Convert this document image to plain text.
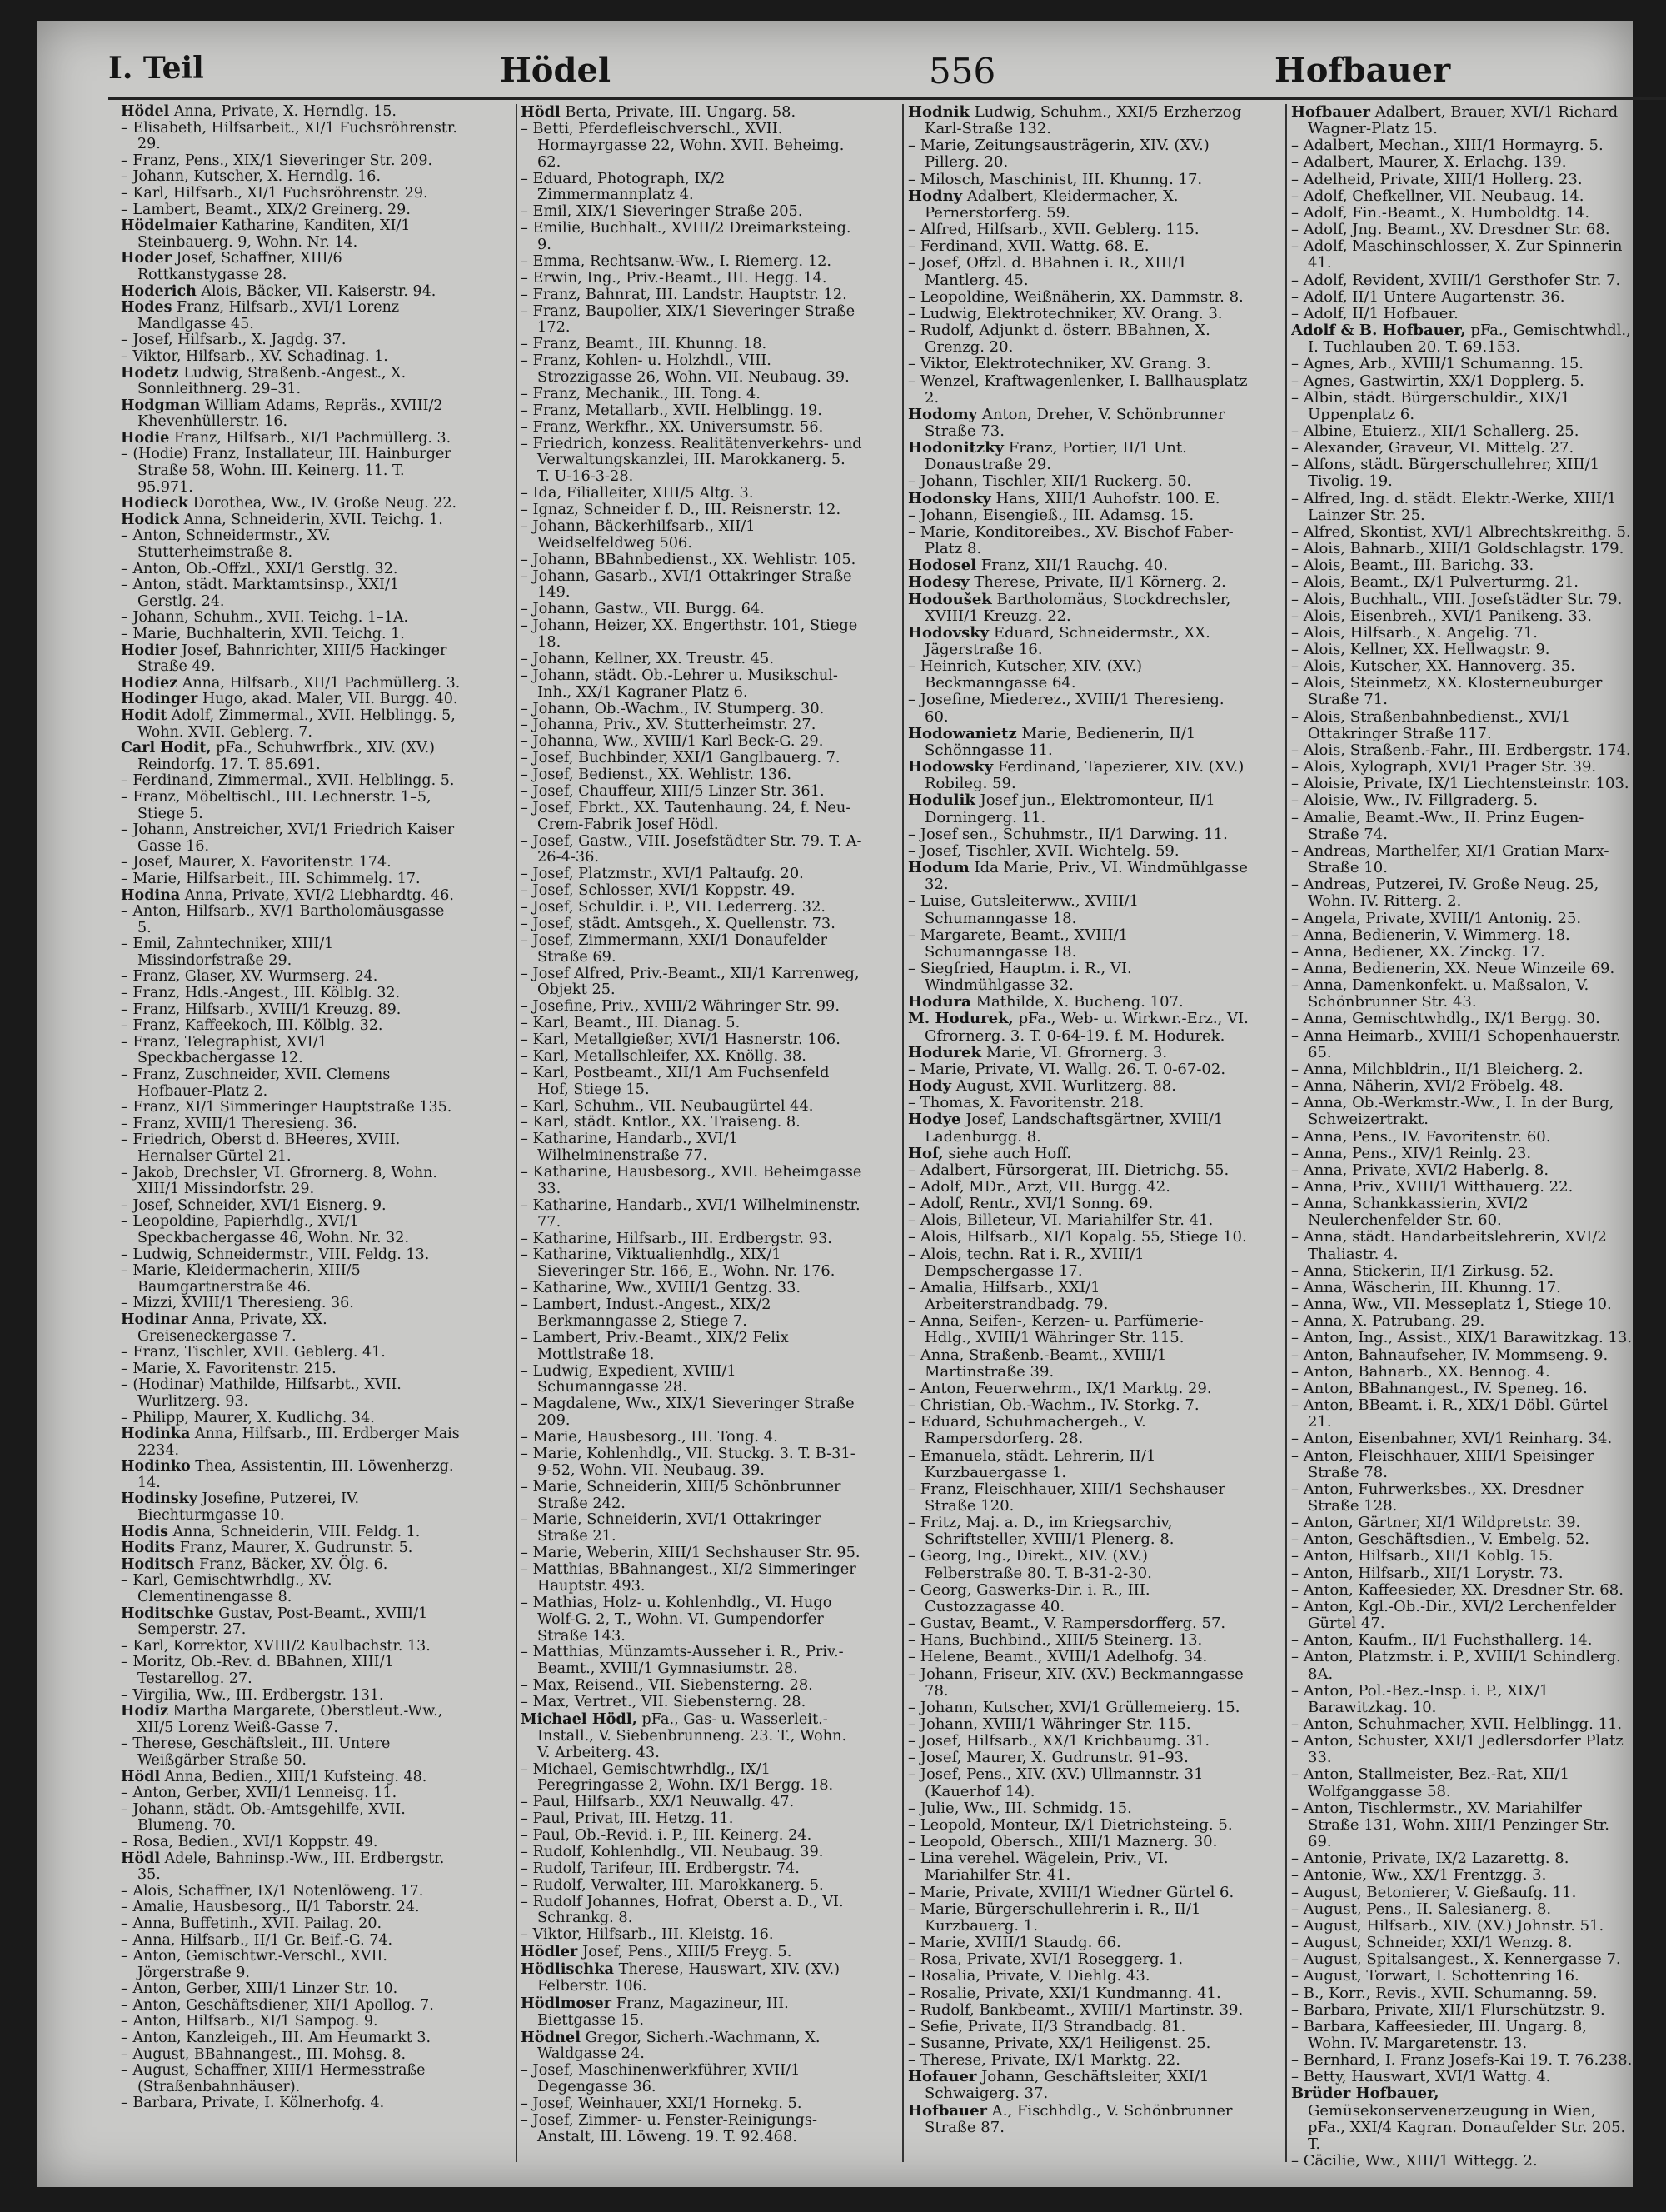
I. Teil	Hödel	556	Hofbauer

Hödel Anna, Private, X. Herndlg. 15.

– Elisabeth, Hilfsarbeit., XI/1 Fuchsröhrenstr. 29.

– Franz, Pens., XIX/1 Sieveringer Str. 209.

– Johann, Kutscher, X. Herndlg. 16.

– Karl, Hilfsarb., XI/1 Fuchsröhrenstr. 29.

– Lambert, Beamt., XIX/2 Greinerg. 29.

Hödelmaier Katharine, Kanditen, XI/1 Steinbauerg. 9, Wohn. Nr. 14.

Hoder Josef, Schaffner, XIII/6 Rottkanstygasse 28.

Hoderich Alois, Bäcker, VII. Kaiserstr. 94.

Hodes Franz, Hilfsarb., XVI/1 Lorenz Mandlgasse 45.

– Josef, Hilfsarb., X. Jagdg. 37.

– Viktor, Hilfsarb., XV. Schadinag. 1.

Hodetz Ludwig, Straßenb.-Angest., X. Sonnleithnerg. 29–31.

Hodgman William Adams, Repräs., XVIII/2 Khevenhüllerstr. 16.

Hodie Franz, Hilfsarb., XI/1 Pachmüllerg. 3.

– (Hodie) Franz, Installateur, III. Hainburger Straße 58, Wohn. III. Keinerg. 11. T. 95.971.

Hodieck Dorothea, Ww., IV. Große Neug. 22.

Hodick Anna, Schneiderin, XVII. Teichg. 1.

– Anton, Schneidermstr., XV. Stutterheimstraße 8.

– Anton, Ob.-Offzl., XXI/1 Gerstlg. 32.

– Anton, städt. Marktamtsinsp., XXI/1 Gerstlg. 24.

– Johann, Schuhm., XVII. Teichg. 1–1A.

– Marie, Buchhalterin, XVII. Teichg. 1.

Hodier Josef, Bahnrichter, XIII/5 Hackinger Straße 49.

Hodiez Anna, Hilfsarb., XII/1 Pachmüllerg. 3.

Hodinger Hugo, akad. Maler, VII. Burgg. 40.

Hodit Adolf, Zimmermal., XVII. Helblingg. 5, Wohn. XVII. Geblerg. 7.

Carl Hodit, pFa., Schuhwrfbrk., XIV. (XV.) Reindorfg. 17. T. 85.691.

– Ferdinand, Zimmermal., XVII. Helblingg. 5.

– Franz, Möbeltischl., III. Lechnerstr. 1–5, Stiege 5.

– Johann, Anstreicher, XVI/1 Friedrich Kaiser Gasse 16.

– Josef, Maurer, X. Favoritenstr. 174.

– Marie, Hilfsarbeit., III. Schimmelg. 17.

Hodina Anna, Private, XVI/2 Liebhardtg. 46.

– Anton, Hilfsarb., XV/1 Bartholomäusgasse 5.

– Emil, Zahntechniker, XIII/1 Missindorfstraße 29.

– Franz, Glaser, XV. Wurmserg. 24.

– Franz, Hdls.-Angest., III. Kölblg. 32.

– Franz, Hilfsarb., XVIII/1 Kreuzg. 89.

– Franz, Kaffeekoch, III. Kölblg. 32.

– Franz, Telegraphist, XVI/1 Speckbachergasse 12.

– Franz, Zuschneider, XVII. Clemens Hofbauer-Platz 2.

– Franz, XI/1 Simmeringer Hauptstraße 135.

– Franz, XVIII/1 Theresieng. 36.

– Friedrich, Oberst d. BHeeres, XVIII. Hernalser Gürtel 21.

– Jakob, Drechsler, VI. Gfrornerg. 8, Wohn. XIII/1 Missindorfstr. 29.

– Josef, Schneider, XVI/1 Eisnerg. 9.

– Leopoldine, Papierhdlg., XVI/1 Speckbachergasse 46, Wohn. Nr. 32.

– Ludwig, Schneidermstr., VIII. Feldg. 13.

– Marie, Kleidermacherin, XIII/5 Baumgartnerstraße 46.

– Mizzi, XVIII/1 Theresieng. 36.

Hodinar Anna, Private, XX. Greiseneckergasse 7.

– Franz, Tischler, XVII. Geblerg. 41.

– Marie, X. Favoritenstr. 215.

– (Hodinar) Mathilde, Hilfsarbt., XVII. Wurlitzerg. 93.

– Philipp, Maurer, X. Kudlichg. 34.

Hodinka Anna, Hilfsarb., III. Erdberger Mais 2234.

Hodinko Thea, Assistentin, III. Löwenherzg. 14.

Hodinsky Josefine, Putzerei, IV. Biechturmgasse 10.

Hodis Anna, Schneiderin, VIII. Feldg. 1.

Hodits Franz, Maurer, X. Gudrunstr. 5.

Hoditsch Franz, Bäcker, XV. Ölg. 6.

– Karl, Gemischtwrhdlg., XV. Clementinengasse 8.

Hoditschke Gustav, Post-Beamt., XVIII/1 Semperstr. 27.

– Karl, Korrektor, XVIII/2 Kaulbachstr. 13.

– Moritz, Ob.-Rev. d. BBahnen, XIII/1 Testarellog. 27.

– Virgilia, Ww., III. Erdbergstr. 131.

Hodiz Martha Margarete, Oberstleut.-Ww., XII/5 Lorenz Weiß-Gasse 7.

– Therese, Geschäftsleit., III. Untere Weißgärber Straße 50.

Hödl Anna, Bedien., XIII/1 Kufsteing. 48.

– Anton, Gerber, XVII/1 Lenneisg. 11.

– Johann, städt. Ob.-Amtsgehilfe, XVII. Blumeng. 70.

– Rosa, Bedien., XVI/1 Koppstr. 49.

Hödl Adele, Bahninsp.-Ww., III. Erdbergstr. 35.

– Alois, Schaffner, IX/1 Notenlöweng. 17.

– Amalie, Hausbesorg., II/1 Taborstr. 24.

– Anna, Buffetinh., XVII. Pailag. 20.

– Anna, Hilfsarb., II/1 Gr. Beif.-G. 74.

– Anton, Gemischtwr.-Verschl., XVII. Jörgerstraße 9.

– Anton, Gerber, XIII/1 Linzer Str. 10.

– Anton, Geschäftsdiener, XII/1 Apollog. 7.

– Anton, Hilfsarb., XI/1 Sampog. 9.

– Anton, Kanzleigeh., III. Am Heumarkt 3.

– August, BBahnangest., III. Mohsg. 8.

– August, Schaffner, XIII/1 Hermesstraße (Straßenbahnhäuser).

– Barbara, Private, I. Kölnerhofg. 4.

Hödl Berta, Private, III. Ungarg. 58.

– Betti, Pferdefleischverschl., XVII. Hormayrgasse 22, Wohn. XVII. Beheimg. 62.

– Eduard, Photograph, IX/2 Zimmermannplatz 4.

– Emil, XIX/1 Sieveringer Straße 205.

– Emilie, Buchhalt., XVIII/2 Dreimarksteing. 9.

– Emma, Rechtsanw.-Ww., I. Riemerg. 12.

– Erwin, Ing., Priv.-Beamt., III. Hegg. 14.

– Franz, Bahnrat, III. Landstr. Hauptstr. 12.

– Franz, Baupolier, XIX/1 Sieveringer Straße 172.

– Franz, Beamt., III. Khunng. 18.

– Franz, Kohlen- u. Holzhdl., VIII. Strozzigasse 26, Wohn. VII. Neubaug. 39.

– Franz, Mechanik., III. Tong. 4.

– Franz, Metallarb., XVII. Helblingg. 19.

– Franz, Werkfhr., XX. Universumstr. 56.

– Friedrich, konzess. Realitätenverkehrs- und Verwaltungskanzlei, III. Marokkanerg. 5. T. U-16-3-28.

– Ida, Filialleiter, XIII/5 Altg. 3.

– Ignaz, Schneider f. D., III. Reisnerstr. 12.

– Johann, Bäckerhilfsarb., XII/1 Weidselfeldweg 506.

– Johann, BBahnbedienst., XX. Wehlistr. 105.

– Johann, Gasarb., XVI/1 Ottakringer Straße 149.

– Johann, Gastw., VII. Burgg. 64.

– Johann, Heizer, XX. Engerthstr. 101, Stiege 18.

– Johann, Kellner, XX. Treustr. 45.

– Johann, städt. Ob.-Lehrer u. Musikschul-Inh., XX/1 Kagraner Platz 6.

– Johann, Ob.-Wachm., IV. Stumperg. 30.

– Johanna, Priv., XV. Stutterheimstr. 27.

– Johanna, Ww., XVIII/1 Karl Beck-G. 29.

– Josef, Buchbinder, XXI/1 Ganglbauerg. 7.

– Josef, Bedienst., XX. Wehlistr. 136.

– Josef, Chauffeur, XIII/5 Linzer Str. 361.

– Josef, Fbrkt., XX. Tautenhaung. 24, f. Neu-Crem-Fabrik Josef Hödl.

– Josef, Gastw., VIII. Josefstädter Str. 79. T. A-26-4-36.

– Josef, Platzmstr., XVI/1 Paltaufg. 20.

– Josef, Schlosser, XVI/1 Koppstr. 49.

– Josef, Schuldir. i. P., VII. Lederrerg. 32.

– Josef, städt. Amtsgeh., X. Quellenstr. 73.

– Josef, Zimmermann, XXI/1 Donaufelder Straße 69.

– Josef Alfred, Priv.-Beamt., XII/1 Karrenweg, Objekt 25.

– Josefine, Priv., XVIII/2 Währinger Str. 99.

– Karl, Beamt., III. Dianag. 5.

– Karl, Metallgießer, XVI/1 Hasnerstr. 106.

– Karl, Metallschleifer, XX. Knöllg. 38.

– Karl, Postbeamt., XII/1 Am Fuchsenfeld Hof, Stiege 15.

– Karl, Schuhm., VII. Neubaugürtel 44.

– Karl, städt. Kntlor., XX. Traiseng. 8.

– Katharine, Handarb., XVI/1 Wilhelminenstraße 77.

– Katharine, Hausbesorg., XVII. Beheimgasse 33.

– Katharine, Handarb., XVI/1 Wilhelminenstr. 77.

– Katharine, Hilfsarb., III. Erdbergstr. 93.

– Katharine, Viktualienhdlg., XIX/1 Sieveringer Str. 166, E., Wohn. Nr. 176.

– Katharine, Ww., XVIII/1 Gentzg. 33.

– Lambert, Indust.-Angest., XIX/2 Berkmanngasse 2, Stiege 7.

– Lambert, Priv.-Beamt., XIX/2 Felix Mottlstraße 18.

– Ludwig, Expedient, XVIII/1 Schumanngasse 28.

– Magdalene, Ww., XIX/1 Sieveringer Straße 209.

– Marie, Hausbesorg., III. Tong. 4.

– Marie, Kohlenhdlg., VII. Stuckg. 3. T. B-31-9-52, Wohn. VII. Neubaug. 39.

– Marie, Schneiderin, XIII/5 Schönbrunner Straße 242.

– Marie, Schneiderin, XVI/1 Ottakringer Straße 21.

– Marie, Weberin, XIII/1 Sechshauser Str. 95.

– Matthias, BBahnangest., XI/2 Simmeringer Hauptstr. 493.

– Mathias, Holz- u. Kohlenhdlg., VI. Hugo Wolf-G. 2, T., Wohn. VI. Gumpendorfer Straße 143.

– Matthias, Münzamts-Ausseher i. R., Priv.-Beamt., XVIII/1 Gymnasiumstr. 28.

– Max, Reisend., VII. Siebensterng. 28.

– Max, Vertret., VII. Siebensterng. 28.

Michael Hödl, pFa., Gas- u. Wasserleit.-Install., V. Siebenbrunneng. 23. T., Wohn. V. Arbeiterg. 43.

– Michael, Gemischtwrhdlg., IX/1 Peregringasse 2, Wohn. IX/1 Bergg. 18.

– Paul, Hilfsarb., XX/1 Neuwallg. 47.

– Paul, Privat, III. Hetzg. 11.

– Paul, Ob.-Revid. i. P., III. Keinerg. 24.

– Rudolf, Kohlenhdlg., VII. Neubaug. 39.

– Rudolf, Tarifeur, III. Erdbergstr. 74.

– Rudolf, Verwalter, III. Marokkanerg. 5.

– Rudolf Johannes, Hofrat, Oberst a. D., VI. Schrankg. 8.

– Viktor, Hilfsarb., III. Kleistg. 16.

Hödler Josef, Pens., XIII/5 Freyg. 5.

Hödlischka Therese, Hauswart, XIV. (XV.) Felberstr. 106.

Hödlmoser Franz, Magazineur, III. Biettgasse 15.

Hödnel Gregor, Sicherh.-Wachmann, X. Waldgasse 24.

– Josef, Maschinenwerkführer, XVII/1 Degengasse 36.

– Josef, Weinhauer, XXI/1 Hornekg. 5.

– Josef, Zimmer- u. Fenster-Reinigungs-Anstalt, III. Löweng. 19. T. 92.468.

Hodnik Ludwig, Schuhm., XXI/5 Erzherzog Karl-Straße 132.

– Marie, Zeitungsausträgerin, XIV. (XV.) Pillerg. 20.

– Milosch, Maschinist, III. Khunng. 17.

Hodny Adalbert, Kleidermacher, X. Pernerstorferg. 59.

– Alfred, Hilfsarb., XVII. Geblerg. 115.

– Ferdinand, XVII. Wattg. 68. E.

– Josef, Offzl. d. BBahnen i. R., XIII/1 Mantlerg. 45.

– Leopoldine, Weißnäherin, XX. Dammstr. 8.

– Ludwig, Elektrotechniker, XV. Orang. 3.

– Rudolf, Adjunkt d. österr. BBahnen, X. Grenzg. 20.

– Viktor, Elektrotechniker, XV. Grang. 3.

– Wenzel, Kraftwagenlenker, I. Ballhausplatz 2.

Hodomy Anton, Dreher, V. Schönbrunner Straße 73.

Hodonitzky Franz, Portier, II/1 Unt. Donaustraße 29.

– Johann, Tischler, XII/1 Ruckerg. 50.

Hodonsky Hans, XIII/1 Auhofstr. 100. E.

– Johann, Eisengieß., III. Adamsg. 15.

– Marie, Konditoreibes., XV. Bischof Faber-Platz 8.

Hodosel Franz, XII/1 Rauchg. 40.

Hodesy Therese, Private, II/1 Körnerg. 2.

Hodoušek Bartholomäus, Stockdrechsler, XVIII/1 Kreuzg. 22.

Hodovsky Eduard, Schneidermstr., XX. Jägerstraße 16.

– Heinrich, Kutscher, XIV. (XV.) Beckmanngasse 64.

– Josefine, Miederez., XVIII/1 Theresieng. 60.

Hodowanietz Marie, Bedienerin, II/1 Schönngasse 11.

Hodowsky Ferdinand, Tapezierer, XIV. (XV.) Robileg. 59.

Hodulik Josef jun., Elektromonteur, II/1 Dorningerg. 11.

– Josef sen., Schuhmstr., II/1 Darwing. 11.

– Josef, Tischler, XVII. Wichtelg. 59.

Hodum Ida Marie, Priv., VI. Windmühlgasse 32.

– Luise, Gutsleiterww., XVIII/1 Schumanngasse 18.

– Margarete, Beamt., XVIII/1 Schumanngasse 18.

– Siegfried, Hauptm. i. R., VI. Windmühlgasse 32.

Hodura Mathilde, X. Bucheng. 107.

M. Hodurek, pFa., Web- u. Wirkwr.-Erz., VI. Gfrornerg. 3. T. 0-64-19. f. M. Hodurek.

Hodurek Marie, VI. Gfrornerg. 3.

– Marie, Private, VI. Wallg. 26. T. 0-67-02.

Hody August, XVII. Wurlitzerg. 88.

– Thomas, X. Favoritenstr. 218.

Hodye Josef, Landschaftsgärtner, XVIII/1 Ladenburgg. 8.

Hof, siehe auch Hoff.

– Adalbert, Fürsorgerat, III. Dietrichg. 55.

– Adolf, MDr., Arzt, VII. Burgg. 42.

– Adolf, Rentr., XVI/1 Sonng. 69.

– Alois, Billeteur, VI. Mariahilfer Str. 41.

– Alois, Hilfsarb., XI/1 Kopalg. 55, Stiege 10.

– Alois, techn. Rat i. R., XVIII/1 Dempschergasse 17.

– Amalia, Hilfsarb., XXI/1 Arbeiterstrandbadg. 79.

– Anna, Seifen-, Kerzen- u. Parfümerie-Hdlg., XVIII/1 Währinger Str. 115.

– Anna, Straßenb.-Beamt., XVIII/1 Martinstraße 39.

– Anton, Feuerwehrm., IX/1 Marktg. 29.

– Christian, Ob.-Wachm., IV. Storkg. 7.

– Eduard, Schuhmachergeh., V. Rampersdorferg. 28.

– Emanuela, städt. Lehrerin, II/1 Kurzbauergasse 1.

– Franz, Fleischhauer, XIII/1 Sechshauser Straße 120.

– Fritz, Maj. a. D., im Kriegsarchiv, Schriftsteller, XVIII/1 Plenerg. 8.

– Georg, Ing., Direkt., XIV. (XV.) Felberstraße 80. T. B-31-2-30.

– Georg, Gaswerks-Dir. i. R., III. Custozzagasse 40.

– Gustav, Beamt., V. Rampersdorfferg. 57.

– Hans, Buchbind., XIII/5 Steinerg. 13.

– Helene, Beamt., XVIII/1 Adelhofg. 34.

– Johann, Friseur, XIV. (XV.) Beckmanngasse 78.

– Johann, Kutscher, XVI/1 Grüllemeierg. 15.

– Johann, XVIII/1 Währinger Str. 115.

– Josef, Hilfsarb., XX/1 Krichbaumg. 31.

– Josef, Maurer, X. Gudrunstr. 91–93.

– Josef, Pens., XIV. (XV.) Ullmannstr. 31 (Kauerhof 14).

– Julie, Ww., III. Schmidg. 15.

– Leopold, Monteur, IX/1 Dietrichsteing. 5.

– Leopold, Obersch., XIII/1 Maznerg. 30.

– Lina verehel. Wägelein, Priv., VI. Mariahilfer Str. 41.

– Marie, Private, XVIII/1 Wiedner Gürtel 6.

– Marie, Bürgerschullehrerin i. R., II/1 Kurzbauerg. 1.

– Marie, XVIII/1 Staudg. 66.

– Rosa, Private, XVI/1 Roseggerg. 1.

– Rosalia, Private, V. Diehlg. 43.

– Rosalie, Private, XXI/1 Kundmanng. 41.

– Rudolf, Bankbeamt., XVIII/1 Martinstr. 39.

– Sefie, Private, II/3 Strandbadg. 81.

– Susanne, Private, XX/1 Heiligenst. 25.

– Therese, Private, IX/1 Marktg. 22.

Hofauer Johann, Geschäftsleiter, XXI/1 Schwaigerg. 37.

Hofbauer A., Fischhdlg., V. Schönbrunner Straße 87.

Hofbauer Adalbert, Brauer, XVI/1 Richard Wagner-Platz 15.

– Adalbert, Mechan., XIII/1 Hormayrg. 5.

– Adalbert, Maurer, X. Erlachg. 139.

– Adelheid, Private, XIII/1 Hollerg. 23.

– Adolf, Chefkellner, VII. Neubaug. 14.

– Adolf, Fin.-Beamt., X. Humboldtg. 14.

– Adolf, Jng. Beamt., XV. Dresdner Str. 68.

– Adolf, Maschinschlosser, X. Zur Spinnerin 41.

– Adolf, Revident, XVIII/1 Gersthofer Str. 7.

– Adolf, II/1 Untere Augartenstr. 36.

– Adolf, II/1 Hofbauer.

Adolf & B. Hofbauer, pFa., Gemischtwhdl., I. Tuchlauben 20. T. 69.153.

– Agnes, Arb., XVIII/1 Schumanng. 15.

– Agnes, Gastwirtin, XX/1 Dopplerg. 5.

– Albin, städt. Bürgerschuldir., XIX/1 Uppenplatz 6.

– Albine, Etuierz., XII/1 Schallerg. 25.

– Alexander, Graveur, VI. Mittelg. 27.

– Alfons, städt. Bürgerschullehrer, XIII/1 Tivolig. 19.

– Alfred, Ing. d. städt. Elektr.-Werke, XIII/1 Lainzer Str. 25.

– Alfred, Skontist, XVI/1 Albrechtskreithg. 5.

– Alois, Bahnarb., XIII/1 Goldschlagstr. 179.

– Alois, Beamt., III. Barichg. 33.

– Alois, Beamt., IX/1 Pulverturmg. 21.

– Alois, Buchhalt., VIII. Josefstädter Str. 79.

– Alois, Eisenbreh., XVI/1 Panikeng. 33.

– Alois, Hilfsarb., X. Angelig. 71.

– Alois, Kellner, XX. Hellwagstr. 9.

– Alois, Kutscher, XX. Hannoverg. 35.

– Alois, Steinmetz, XX. Klosterneuburger Straße 71.

– Alois, Straßenbahnbedienst., XVI/1 Ottakringer Straße 117.

– Alois, Straßenb.-Fahr., III. Erdbergstr. 174.

– Alois, Xylograph, XVI/1 Prager Str. 39.

– Aloisie, Private, IX/1 Liechtensteinstr. 103.

– Aloisie, Ww., IV. Fillgraderg. 5.

– Amalie, Beamt.-Ww., II. Prinz Eugen-Straße 74.

– Andreas, Marthelfer, XI/1 Gratian Marx-Straße 10.

– Andreas, Putzerei, IV. Große Neug. 25, Wohn. IV. Ritterg. 2.

– Angela, Private, XVIII/1 Antonig. 25.

– Anna, Bedienerin, V. Wimmerg. 18.

– Anna, Bediener, XX. Zinckg. 17.

– Anna, Bedienerin, XX. Neue Winzeile 69.

– Anna, Damenkonfekt. u. Maßsalon, V. Schönbrunner Str. 43.

– Anna, Gemischtwhdlg., IX/1 Bergg. 30.

– Anna Heimarb., XVIII/1 Schopenhauerstr. 65.

– Anna, Milchbldrin., II/1 Bleicherg. 2.

– Anna, Näherin, XVI/2 Fröbelg. 48.

– Anna, Ob.-Werkmstr.-Ww., I. In der Burg, Schweizertrakt.

– Anna, Pens., IV. Favoritenstr. 60.

– Anna, Pens., XIV/1 Reinlg. 23.

– Anna, Private, XVI/2 Haberlg. 8.

– Anna, Priv., XVIII/1 Witthauerg. 22.

– Anna, Schankkassierin, XVI/2 Neulerchenfelder Str. 60.

– Anna, städt. Handarbeitslehrerin, XVI/2 Thaliastr. 4.

– Anna, Stickerin, II/1 Zirkusg. 52.

– Anna, Wäscherin, III. Khunng. 17.

– Anna, Ww., VII. Messeplatz 1, Stiege 10.

– Anna, X. Patrubang. 29.

– Anton, Ing., Assist., XIX/1 Barawitzkag. 13.

– Anton, Bahnaufseher, IV. Mommseng. 9.

– Anton, Bahnarb., XX. Bennog. 4.

– Anton, BBahnangest., IV. Speneg. 16.

– Anton, BBeamt. i. R., XIX/1 Döbl. Gürtel 21.

– Anton, Eisenbahner, XVI/1 Reinharg. 34.

– Anton, Fleischhauer, XIII/1 Speisinger Straße 78.

– Anton, Fuhrwerksbes., XX. Dresdner Straße 128.

– Anton, Gärtner, XI/1 Wildpretstr. 39.

– Anton, Geschäftsdien., V. Embelg. 52.

– Anton, Hilfsarb., XII/1 Koblg. 15.

– Anton, Hilfsarb., XII/1 Lorystr. 73.

– Anton, Kaffeesieder, XX. Dresdner Str. 68.

– Anton, Kgl.-Ob.-Dir., XVI/2 Lerchenfelder Gürtel 47.

– Anton, Kaufm., II/1 Fuchsthallerg. 14.

– Anton, Platzmstr. i. P., XVIII/1 Schindlerg. 8A.

– Anton, Pol.-Bez.-Insp. i. P., XIX/1 Barawitzkag. 10.

– Anton, Schuhmacher, XVII. Helblingg. 11.

– Anton, Schuster, XXI/1 Jedlersdorfer Platz 33.

– Anton, Stallmeister, Bez.-Rat, XII/1 Wolfganggasse 58.

– Anton, Tischlermstr., XV. Mariahilfer Straße 131, Wohn. XIII/1 Penzinger Str. 69.

– Antonie, Private, IX/2 Lazarettg. 8.

– Antonie, Ww., XX/1 Frentzgg. 3.

– August, Betonierer, V. Gießaufg. 11.

– August, Pens., II. Salesianerg. 8.

– August, Hilfsarb., XIV. (XV.) Johnstr. 51.

– August, Schneider, XXI/1 Wenzg. 8.

– August, Spitalsangest., X. Kennergasse 7.

– August, Torwart, I. Schottenring 16.

– B., Korr., Revis., XVII. Schumanng. 59.

– Barbara, Private, XII/1 Flurschützstr. 9.

– Barbara, Kaffeesieder, III. Ungarg. 8, Wohn. IV. Margaretenstr. 13.

– Bernhard, I. Franz Josefs-Kai 19. T. 76.238.

– Betty, Hauswart, XVI/1 Wattg. 4.

Brüder Hofbauer, Gemüsekonservenerzeugung in Wien, pFa., XXI/4 Kagran. Donaufelder Str. 205. T.

– Cäcilie, Ww., XIII/1 Wittegg. 2.
